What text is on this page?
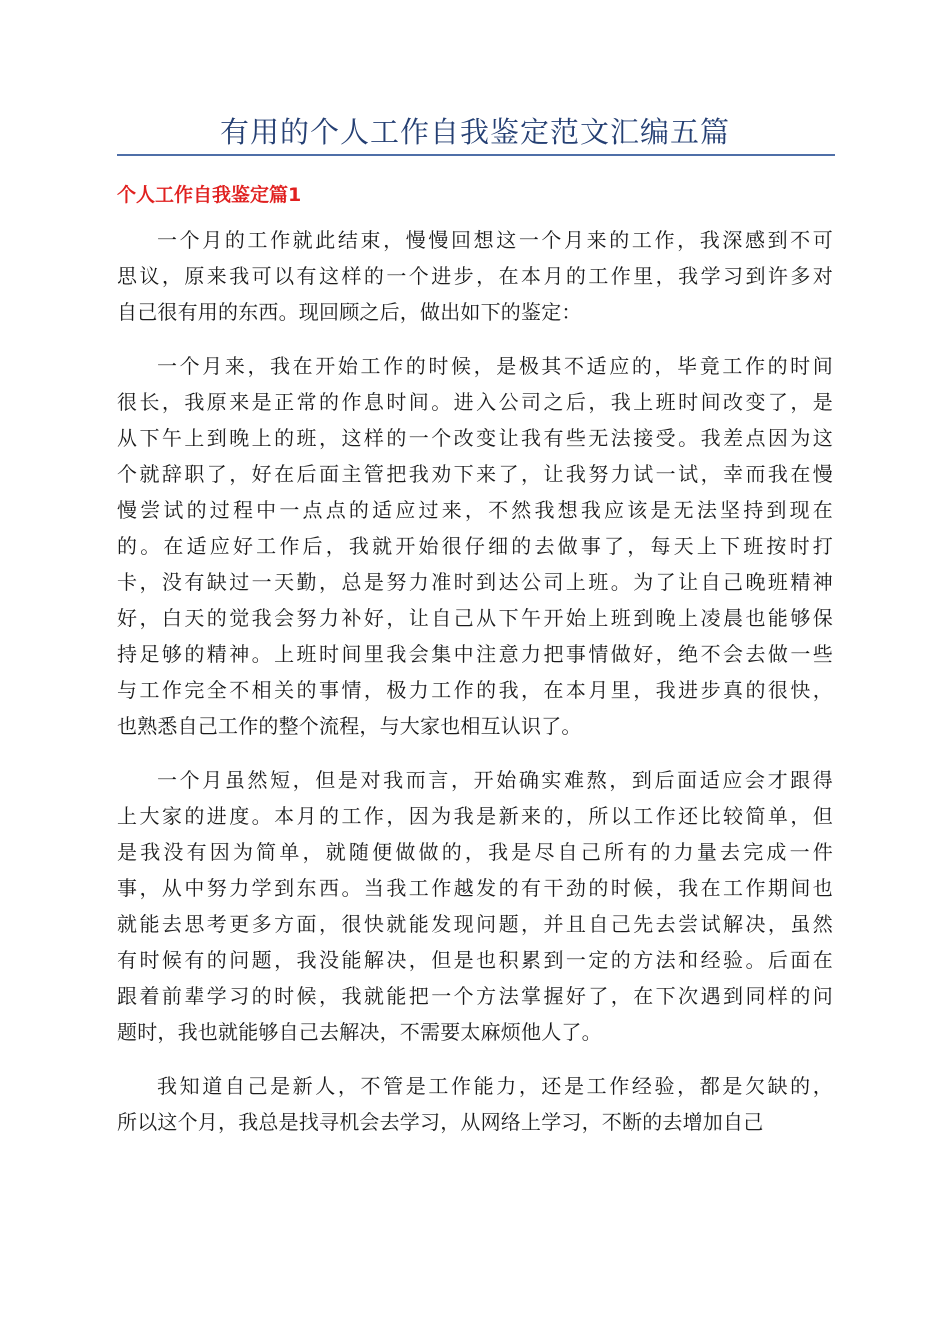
有用的个人工作自我鉴定范文汇编五篇
个人工作自我鉴定篇1

一个月的工作就此结束，慢慢回想这一个月来的工作，我深感到不可
思议，原来我可以有这样的一个进步，在本月的工作里，我学习到许多对
自己很有用的东西。现回顾之后，做出如下的鉴定：

一个月来，我在开始工作的时候，是极其不适应的，毕竟工作的时间
很长，我原来是正常的作息时间。进入公司之后，我上班时间改变了，是
从下午上到晚上的班，这样的一个改变让我有些无法接受。我差点因为这
个就辞职了，好在后面主管把我劝下来了，让我努力试一试，幸而我在慢
慢尝试的过程中一点点的适应过来，不然我想我应该是无法坚持到现在
的。在适应好工作后，我就开始很仔细的去做事了，每天上下班按时打
卡，没有缺过一天勤，总是努力准时到达公司上班。为了让自己晚班精神
好，白天的觉我会努力补好，让自己从下午开始上班到晚上凌晨也能够保
持足够的精神。上班时间里我会集中注意力把事情做好，绝不会去做一些
与工作完全不相关的事情，极力工作的我，在本月里，我进步真的很快，
也熟悉自己工作的整个流程，与大家也相互认识了。

一个月虽然短，但是对我而言，开始确实难熬，到后面适应会才跟得
上大家的进度。本月的工作，因为我是新来的，所以工作还比较简单，但
是我没有因为简单，就随便做做的，我是尽自己所有的力量去完成一件
事，从中努力学到东西。当我工作越发的有干劲的时候，我在工作期间也
就能去思考更多方面，很快就能发现问题，并且自己先去尝试解决，虽然
有时候有的问题，我没能解决，但是也积累到一定的方法和经验。后面在
跟着前辈学习的时候，我就能把一个方法掌握好了，在下次遇到同样的问
题时，我也就能够自己去解决，不需要太麻烦他人了。

我知道自己是新人，不管是工作能力，还是工作经验，都是欠缺的，
所以这个月，我总是找寻机会去学习，从网络上学习，不断的去增加自己
